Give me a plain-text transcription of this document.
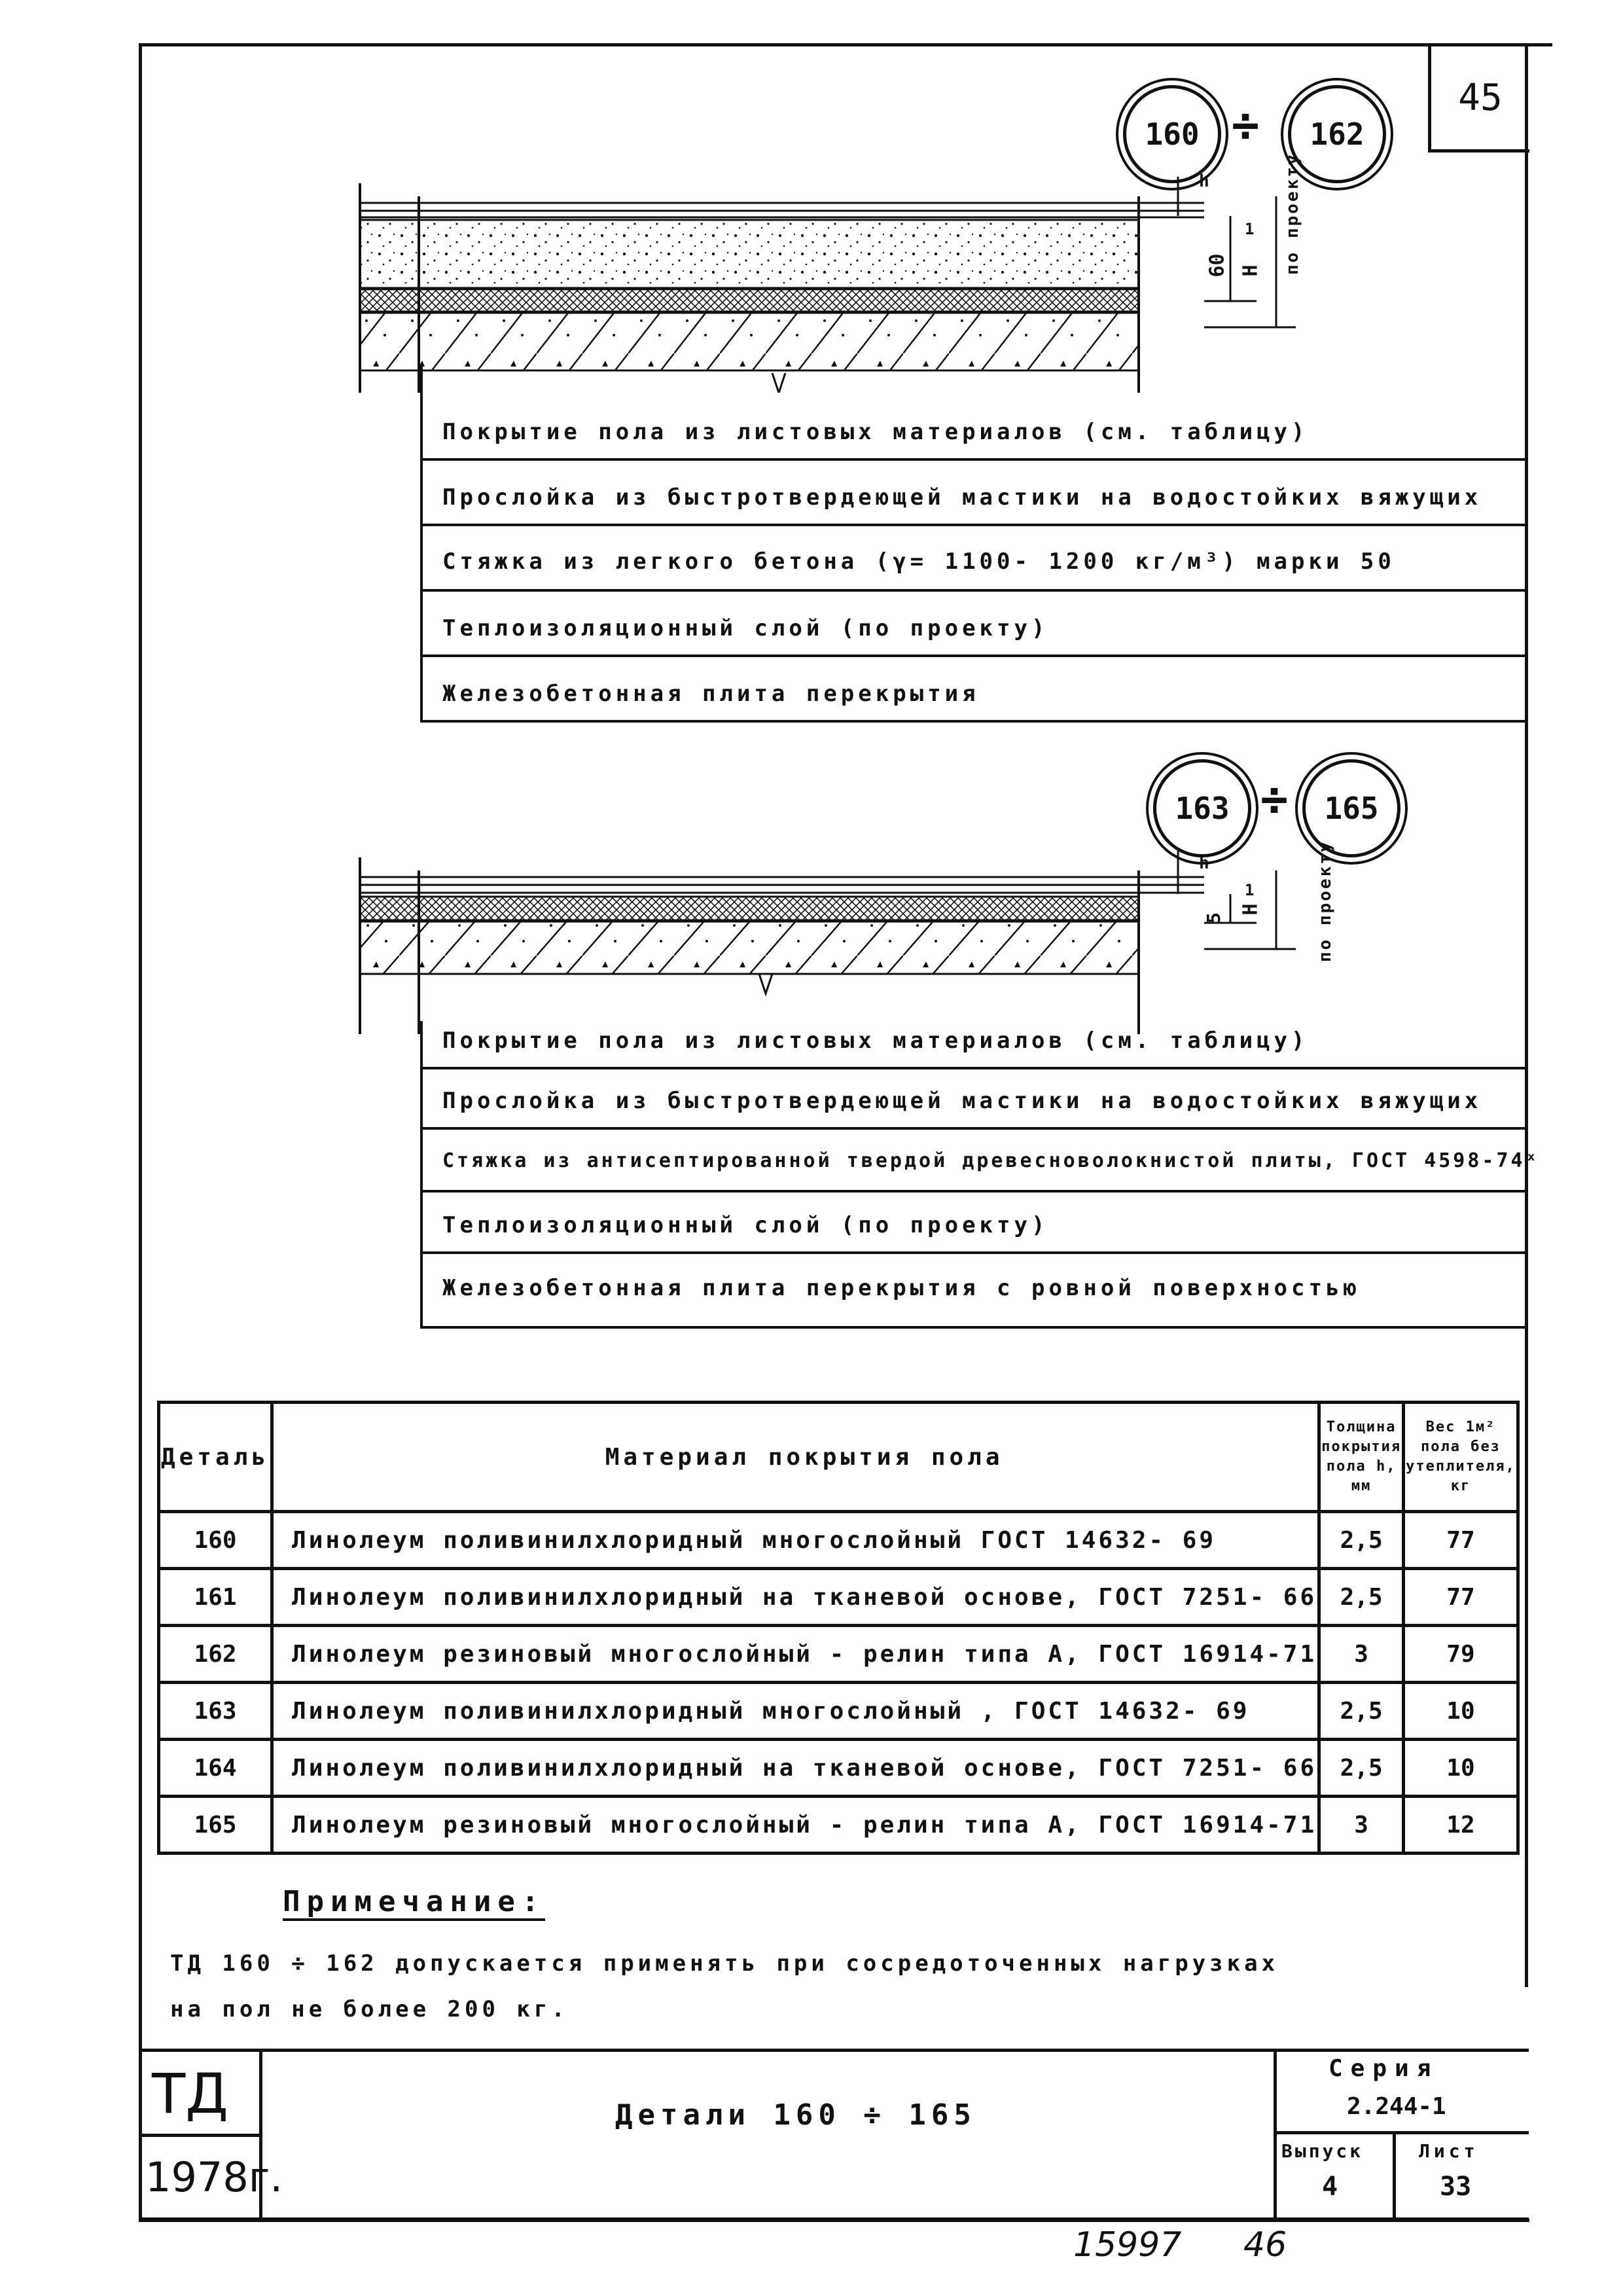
45
160 ÷	162
h
1
60 H по проекту
Покрытие пола из листовых материалов (см. таблицу)
Прослойка из быстротвердеющей мастики на водостойких вяжущих
Стяжка из легкого бетона (γ= 1100- 1200 кг/м³) марки 50
Теплоизоляционный слой (по проекту)
Железобетонная плита перекрытия
163 ÷	165
h
1
5
H	по проекту
Покрытие пола из листовых материалов (см. таблицу)
Прослойка из быстротвердеющей мастики на водостойких вяжущих
Стяжка из антисептированной твердой древесноволокнистой плиты, ГОСТ 4598-74ˣ
Теплоизоляционный слой (по проекту)
Железобетонная плита перекрытия с ровной поверхностью
Деталь	Материал покрытия пола	Толщина покрытия пола h, мм	Вес 1м² пола без утеплителя, кг
160	Линолеум поливинилхлоридный многослойный ГОСТ 14632- 69	2,5	77
161	Линолеум поливинилхлоридный на тканевой основе, ГОСТ 7251- 66	2,5	77
162	Линолеум резиновый многослойный - релин типа А, ГОСТ 16914-71	3	79
163	Линолеум поливинилхлоридный многослойный , ГОСТ 14632- 69	2,5	10
164	Линолеум поливинилхлоридный на тканевой основе, ГОСТ 7251- 66	2,5	10
165	Линолеум резиновый многослойный - релин типа А, ГОСТ 16914-71	3	12
Примечание:
ТД 160 ÷ 162 допускается применять при сосредоточенных нагрузках
на пол не более 200 кг.
ТД
1978г.
Детали 160 ÷ 165
Серия
2.244-1
Выпуск
4
Лист
33
15997 46
